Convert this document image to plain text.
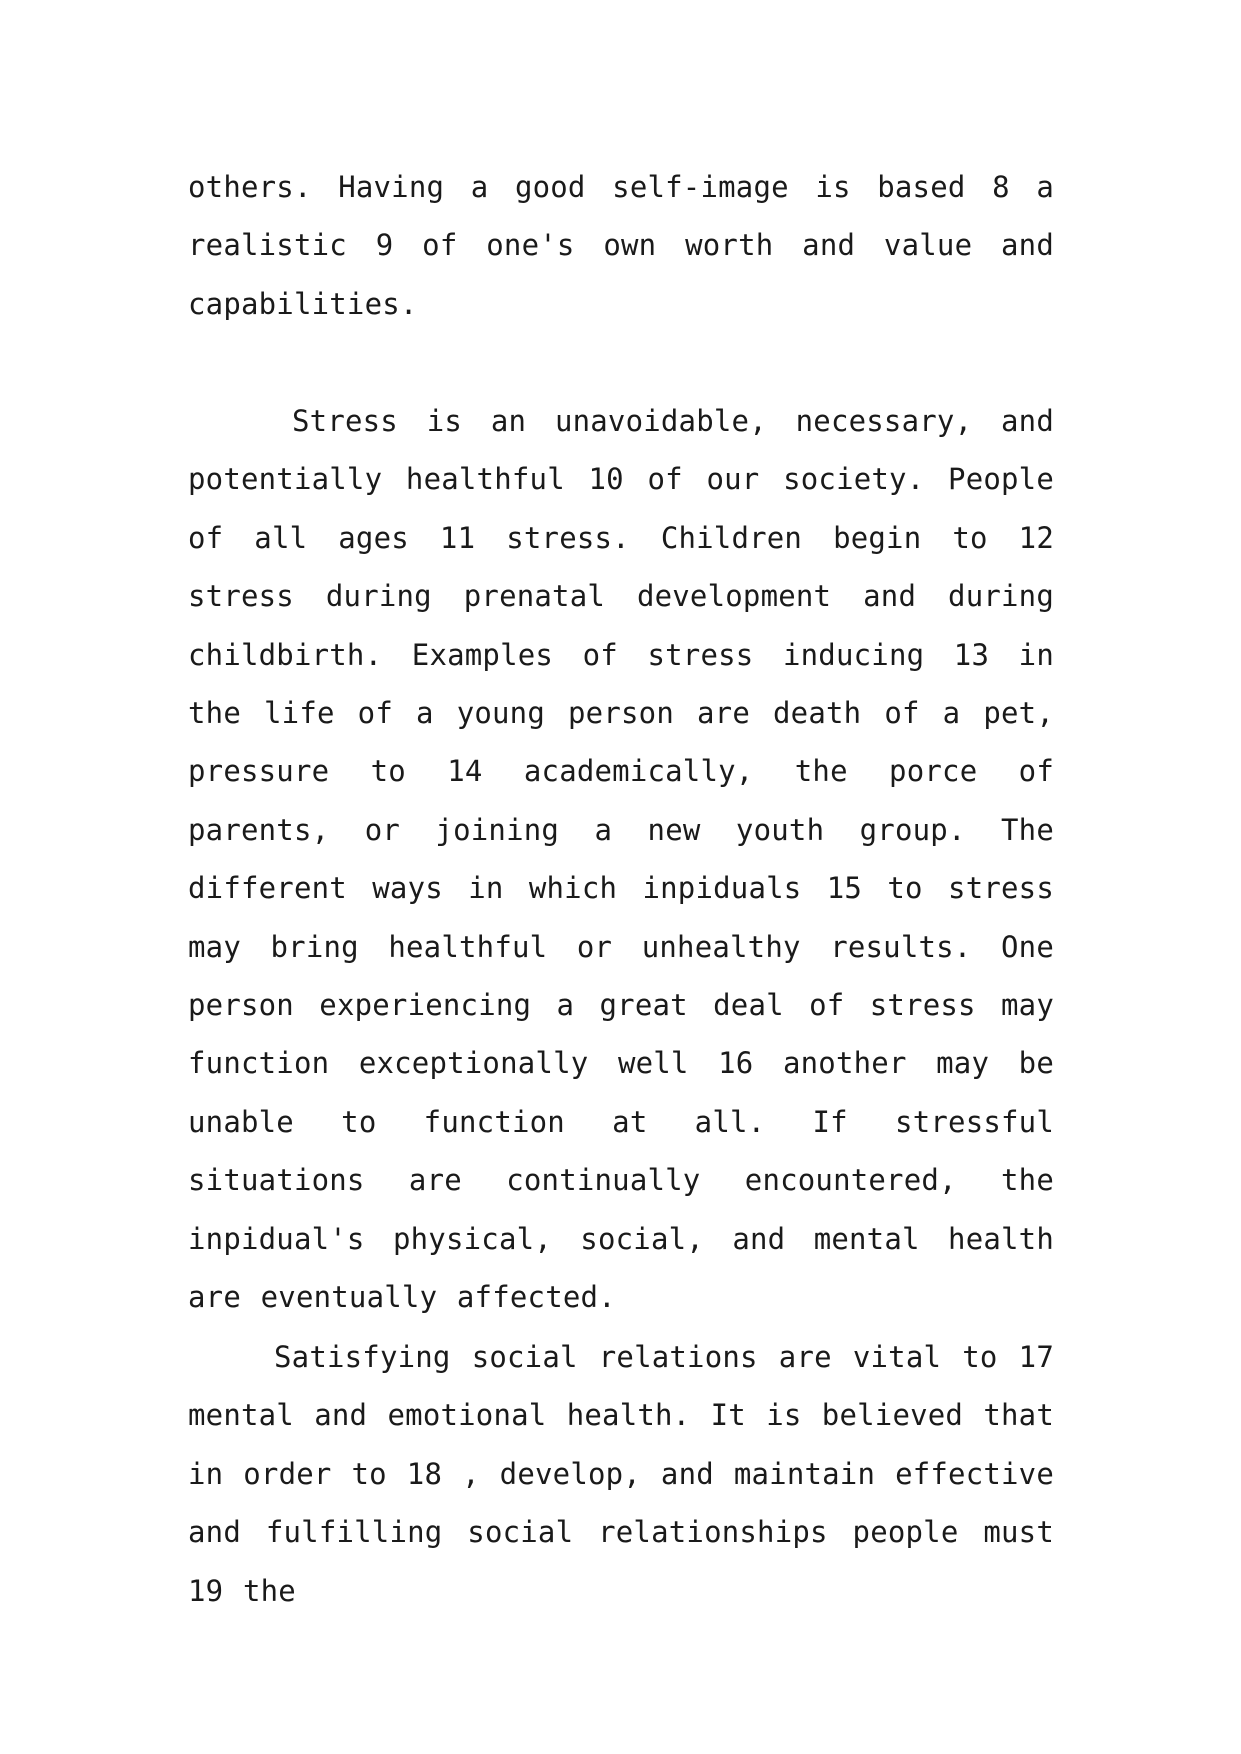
others. Having a good self-image is based 8 a realistic 9 of one's own worth and value and capabilities.

Stress is an unavoidable, necessary, and potentially healthful 10 of our society. People of all ages 11 stress. Children begin to 12 stress during prenatal development and during childbirth. Examples of stress inducing 13 in the life of a young person are death of a pet, pressure to 14 academically, the porce of parents, or joining a new youth group. The different ways in which inpiduals 15 to stress may bring healthful or unhealthy results. One person experiencing a great deal of stress may function exceptionally well 16 another may be unable to function at all. If stressful situations are continually encountered, the inpidual's physical, social, and mental health are eventually affected.

Satisfying social relations are vital to 17 mental and emotional health. It is believed that in order to 18 , develop, and maintain effective and fulfilling social relationships people must 19 the
